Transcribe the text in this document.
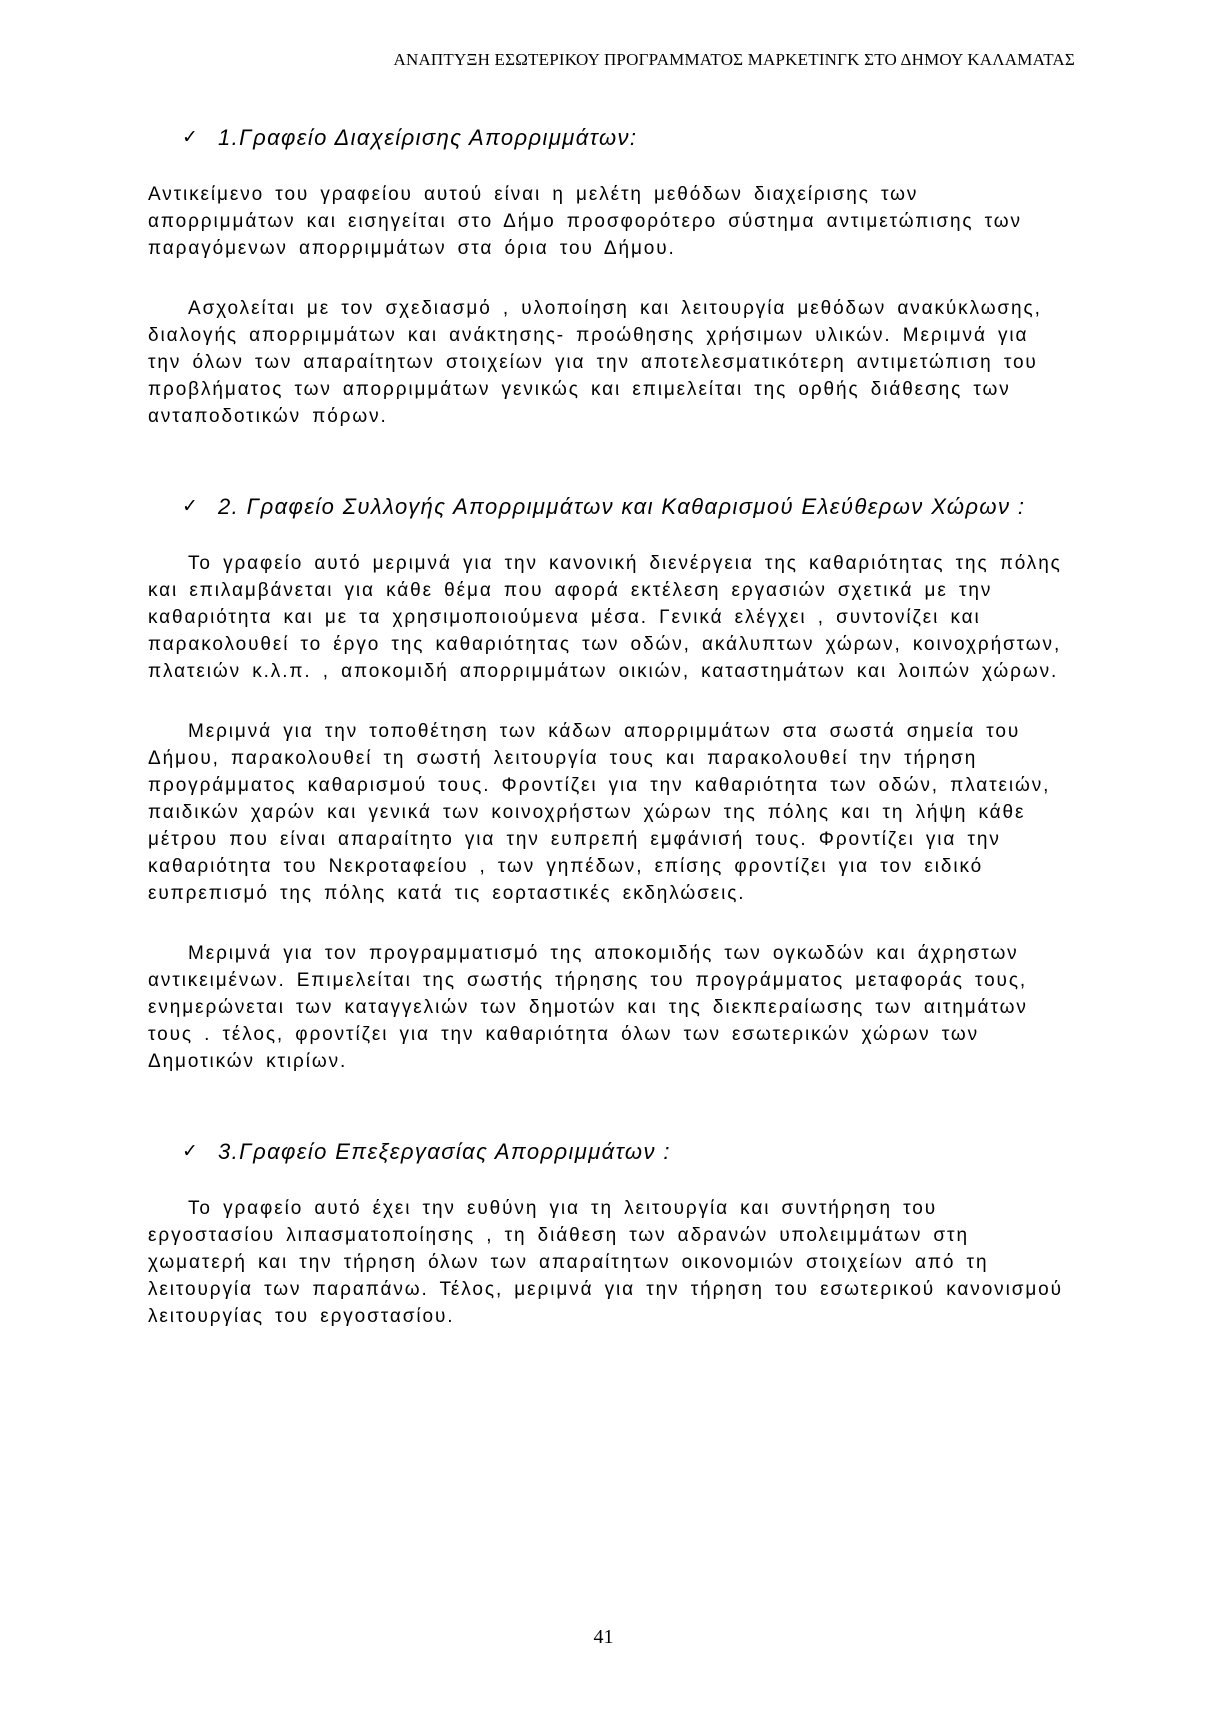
ΑΝΑΠΤΥΞΗ ΕΣΩΤΕΡΙΚΟΥ ΠΡΟΓΡΑΜΜΑΤΟΣ ΜΑΡΚΕΤΙΝΓΚ ΣΤΟ ΔΗΜΟΥ ΚΑΛΑΜΑΤΑΣ
✓ 1.Γραφείο Διαχείρισης Απορριμμάτων:

Αντικείμενο του γραφείου αυτού είναι η μελέτη μεθόδων διαχείρισης των απορριμμάτων και εισηγείται στο Δήμο προσφορότερο σύστημα αντιμετώπισης των παραγόμενων απορριμμάτων στα όρια του Δήμου.

Ασχολείται με τον σχεδιασμό , υλοποίηση και λειτουργία μεθόδων ανακύκλωσης, διαλογής απορριμμάτων και ανάκτησης- προώθησης χρήσιμων υλικών. Μεριμνά για την όλων των απαραίτητων στοιχείων για την αποτελεσματικότερη αντιμετώπιση του προβλήματος των απορριμμάτων γενικώς και επιμελείται της ορθής διάθεσης των ανταποδοτικών πόρων.

✓ 2. Γραφείο Συλλογής Απορριμμάτων και Καθαρισμού Ελεύθερων Χώρων :

Το γραφείο αυτό μεριμνά για την κανονική διενέργεια της καθαριότητας της πόλης και επιλαμβάνεται για κάθε θέμα που αφορά εκτέλεση εργασιών σχετικά με την καθαριότητα και με τα χρησιμοποιούμενα μέσα. Γενικά ελέγχει , συντονίζει και παρακολουθεί το έργο της καθαριότητας των οδών, ακάλυπτων χώρων, κοινοχρήστων, πλατειών κ.λ.π. , αποκομιδή απορριμμάτων οικιών, καταστημάτων και λοιπών χώρων.

Μεριμνά για την τοποθέτηση των κάδων απορριμμάτων στα σωστά σημεία του Δήμου, παρακολουθεί τη σωστή λειτουργία τους και παρακολουθεί την τήρηση προγράμματος καθαρισμού τους. Φροντίζει για την καθαριότητα των οδών, πλατειών, παιδικών χαρών και γενικά των κοινοχρήστων χώρων της πόλης και τη λήψη κάθε μέτρου που είναι απαραίτητο για την ευπρεπή εμφάνισή τους. Φροντίζει για την καθαριότητα του Νεκροταφείου , των γηπέδων, επίσης φροντίζει για τον ειδικό ευπρεπισμό της πόλης κατά τις εορταστικές εκδηλώσεις.

Μεριμνά για τον προγραμματισμό της αποκομιδής των ογκωδών και άχρηστων αντικειμένων. Επιμελείται της σωστής τήρησης του προγράμματος μεταφοράς τους, ενημερώνεται των καταγγελιών των δημοτών και της διεκπεραίωσης των αιτημάτων τους . τέλος, φροντίζει για την καθαριότητα όλων των εσωτερικών χώρων των Δημοτικών κτιρίων.

✓ 3.Γραφείο Επεξεργασίας Απορριμμάτων :

Το γραφείο αυτό έχει την ευθύνη για τη λειτουργία και συντήρηση του εργοστασίου λιπασματοποίησης , τη διάθεση των αδρανών υπολειμμάτων στη χωματερή και την τήρηση όλων των απαραίτητων οικονομιών στοιχείων από τη λειτουργία των παραπάνω. Τέλος, μεριμνά για την τήρηση του εσωτερικού κανονισμού λειτουργίας του εργοστασίου.

41
